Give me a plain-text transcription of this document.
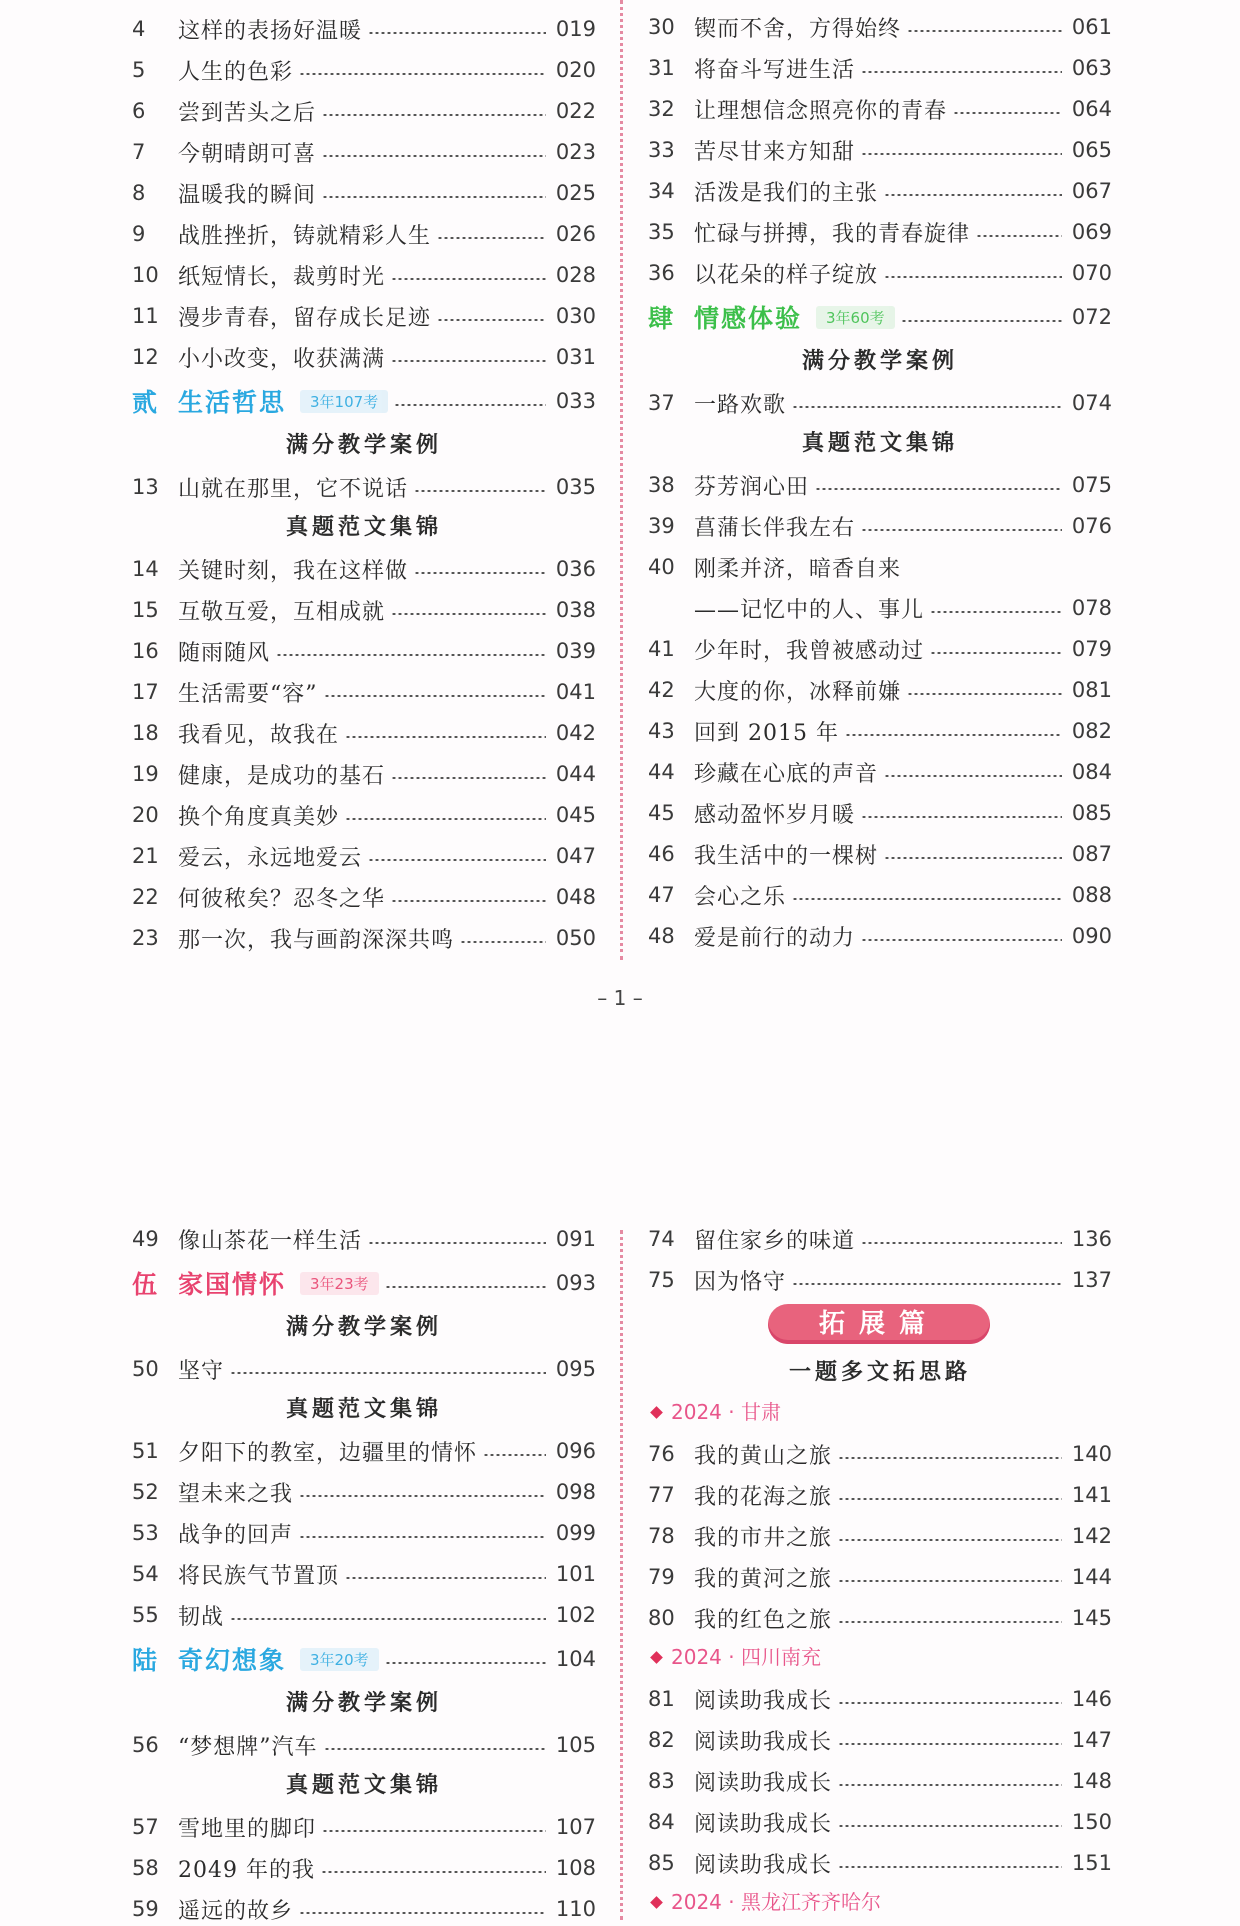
4	这样的表扬好温暖	019
5	人生的色彩	020
6	尝到苦头之后	022
7	今朝晴朗可喜	023
8	温暖我的瞬间	025
9	战胜挫折，铸就精彩人生	026
10 纸短情长，裁剪时光	028
11 漫步青春，留存成长足迹	030
12 小小改变，收获满满	031
贰 生活哲思	3年107考	033
满分教学案例
13 山就在那里，它不说话	035
真题范文集锦
14 关键时刻，我在这样做	036
15 互敬互爱，互相成就	038
16 随雨随风	039
17 生活需要“容”	041
18 我看见，故我在	042
19 健康，是成功的基石	044
20 换个角度真美妙	045
21 爱云，永远地爱云	047
22 何彼秾矣？忍冬之华	048
23 那一次，我与画韵深深共鸣	050
30 锲而不舍，方得始终	061
31 将奋斗写进生活	063
32 让理想信念照亮你的青春	064
33 苦尽甘来方知甜	065
34 活泼是我们的主张	067
35 忙碌与拼搏，我的青春旋律	069
36 以花朵的样子绽放	070
肆 情感体验	3年60考	072
满分教学案例
37 一路欢歌	074
真题范文集锦
38 芬芳润心田	075
39 菖蒲长伴我左右	076
40 刚柔并济，暗香自来
——记忆中的人、事儿	078
41 少年时，我曾被感动过	079
42 大度的你，冰释前嫌	081
43 回到 2015 年	082
44 珍藏在心底的声音	084
45 感动盈怀岁月暖	085
46 我生活中的一棵树	087
47 会心之乐	088
48 爱是前行的动力	090
– 1 –
49 像山茶花一样生活	091
伍 家国情怀	3年23考	093
满分教学案例
50 坚守	095
真题范文集锦
51 夕阳下的教室，边疆里的情怀	096
52 望未来之我	098
53 战争的回声	099
54 将民族气节置顶	101
55 韧战	102
陆 奇幻想象	3年20考	104
满分教学案例
56 “梦想牌”汽车	105
真题范文集锦
57 雪地里的脚印	107
58 2049 年的我	108
59 遥远的故乡	110
74 留住家乡的味道	136
75 因为恪守	137
拓展篇
一题多文拓思路
2024 · 甘肃
76 我的黄山之旅	140
77 我的花海之旅	141
78 我的市井之旅	142
79 我的黄河之旅	144
80 我的红色之旅	145
2024 · 四川南充
81 阅读助我成长	146
82 阅读助我成长	147
83 阅读助我成长	148
84 阅读助我成长	150
85 阅读助我成长	151
2024 · 黑龙江齐齐哈尔
